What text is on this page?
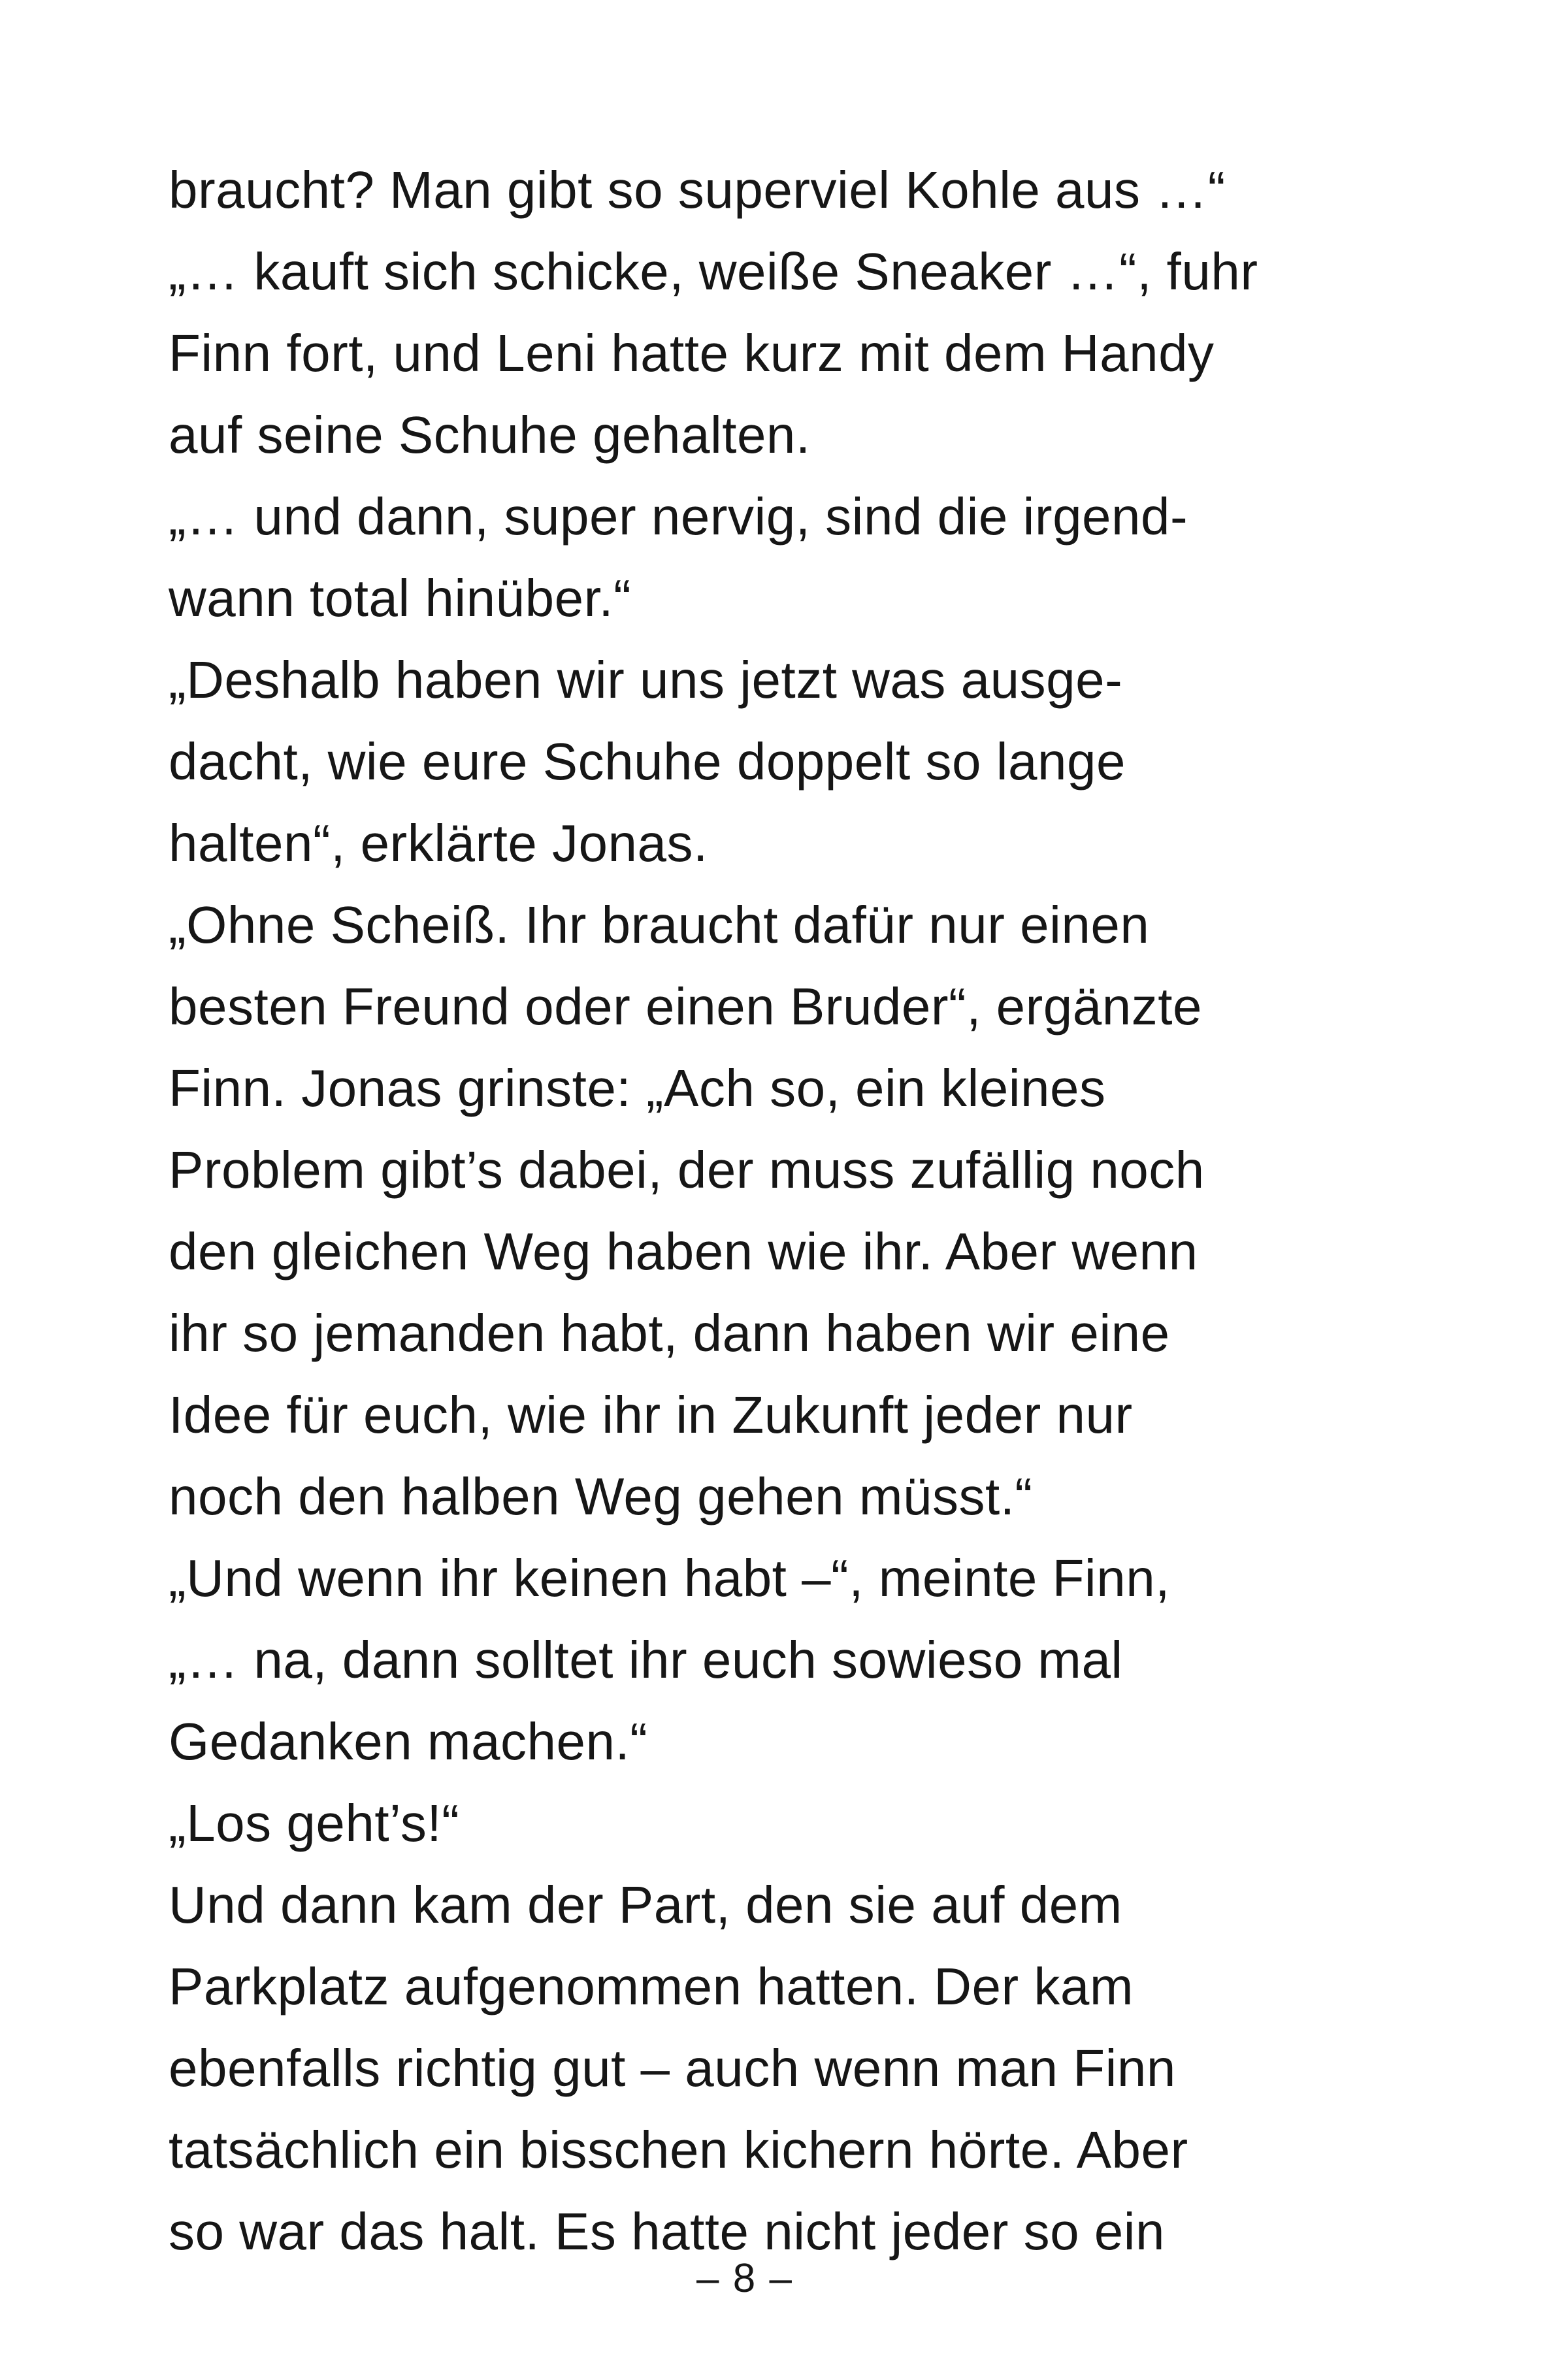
braucht? Man gibt so superviel Kohle aus …“
„… kauft sich schicke, weiße Sneaker …“, fuhr
Finn fort, und Leni hatte kurz mit dem Handy
auf seine Schuhe gehalten.
„… und dann, super nervig, sind die irgend-
wann total hinüber.“
„Deshalb haben wir uns jetzt was ausge-
dacht, wie eure Schuhe doppelt so lange
halten“, erklärte Jonas.
„Ohne Scheiß. Ihr braucht dafür nur einen
besten Freund oder einen Bruder“, ergänzte
Finn. Jonas grinste: „Ach so, ein kleines
Problem gibt’s dabei, der muss zufällig noch
den gleichen Weg haben wie ihr. Aber wenn
ihr so jemanden habt, dann haben wir eine
Idee für euch, wie ihr in Zukunft jeder nur
noch den halben Weg gehen müsst.“
„Und wenn ihr keinen habt –“, meinte Finn,
„… na, dann solltet ihr euch sowieso mal
Gedanken machen.“
„Los geht’s!“
Und dann kam der Part, den sie auf dem
Parkplatz aufgenommen hatten. Der kam
ebenfalls richtig gut – auch wenn man Finn
tatsächlich ein bisschen kichern hörte. Aber
so war das halt. Es hatte nicht jeder so ein
– 8 –
